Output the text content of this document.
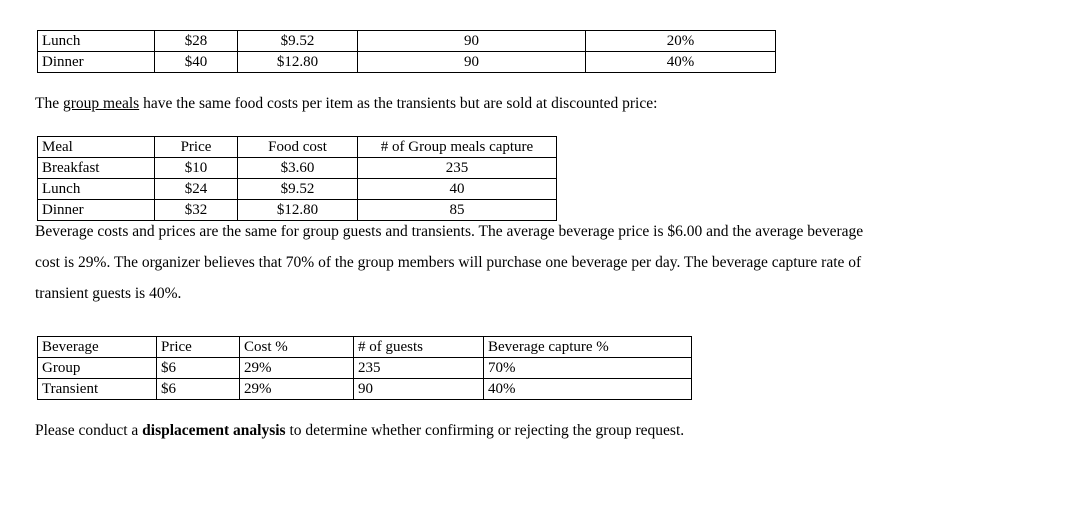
Lunch	$28	$9.52	90	20%
Dinner	$40	$12.80	90	40%

The group meals have the same food costs per item as the transients but are sold at discounted price:

Meal	Price	Food cost	# of Group meals capture
Breakfast	$10	$3.60	235
Lunch	$24	$9.52	40
Dinner	$32	$12.80	85

Beverage costs and prices are the same for group guests and transients. The average beverage price is $6.00 and the average beverage

cost is 29%. The organizer believes that 70% of the group members will purchase one beverage per day. The beverage capture rate of

transient guests is 40%.

Beverage	Price	Cost %	# of guests	Beverage capture %
Group	$6	29%	235	70%
Transient	$6	29%	90	40%

Please conduct a displacement analysis to determine whether confirming or rejecting the group request.
